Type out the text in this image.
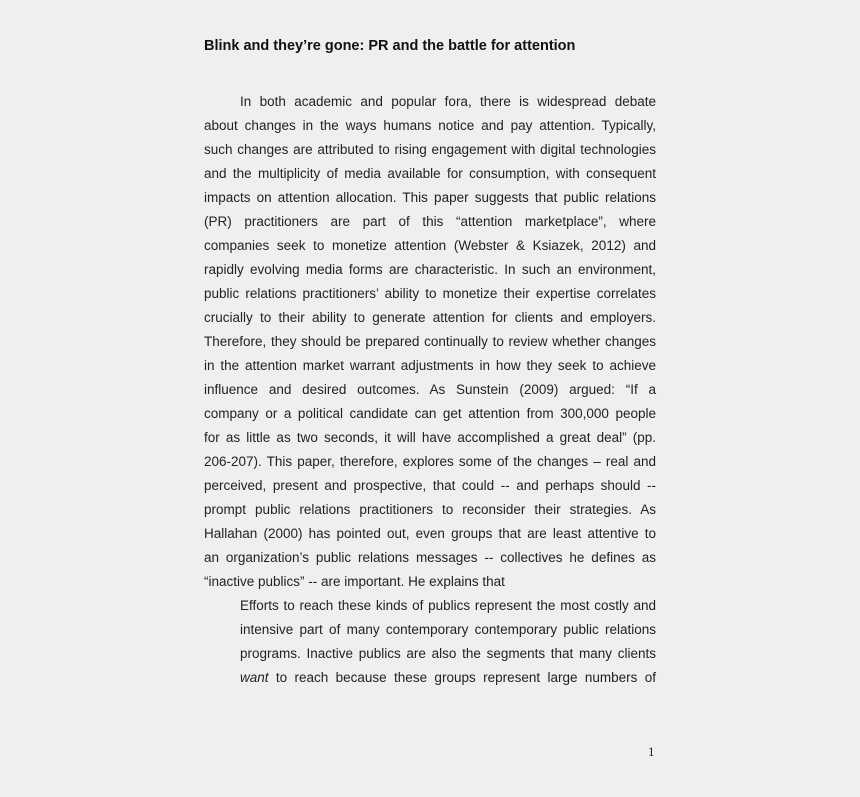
Blink and they’re gone: PR and the battle for attention
In both academic and popular fora, there is widespread debate
about changes in the ways humans notice and pay attention. Typically,
such changes are attributed to rising engagement with digital technologies
and the multiplicity of media available for consumption, with consequent
impacts on attention allocation. This paper suggests that public relations
(PR) practitioners are part of this “attention marketplace”, where
companies seek to monetize attention (Webster & Ksiazek, 2012) and
rapidly evolving media forms are characteristic. In such an environment,
public relations practitioners’ ability to monetize their expertise correlates
crucially to their ability to generate attention for clients and employers.
Therefore, they should be prepared continually to review whether changes
in the attention market warrant adjustments in how they seek to achieve
influence and desired outcomes. As Sunstein (2009) argued: “If a
company or a political candidate can get attention from 300,000 people
for as little as two seconds, it will have accomplished a great deal” (pp.
206-207). This paper, therefore, explores some of the changes – real and
perceived, present and prospective, that could -- and perhaps should --
prompt public relations practitioners to reconsider their strategies. As
Hallahan (2000) has pointed out, even groups that are least attentive to
an organization’s public relations messages -- collectives he defines as
“inactive publics” -- are important. He explains that
Efforts to reach these kinds of publics represent the most costly and
intensive part of many contemporary contemporary public relations
programs. Inactive publics are also the segments that many clients
want to reach because these groups represent large numbers of
1
